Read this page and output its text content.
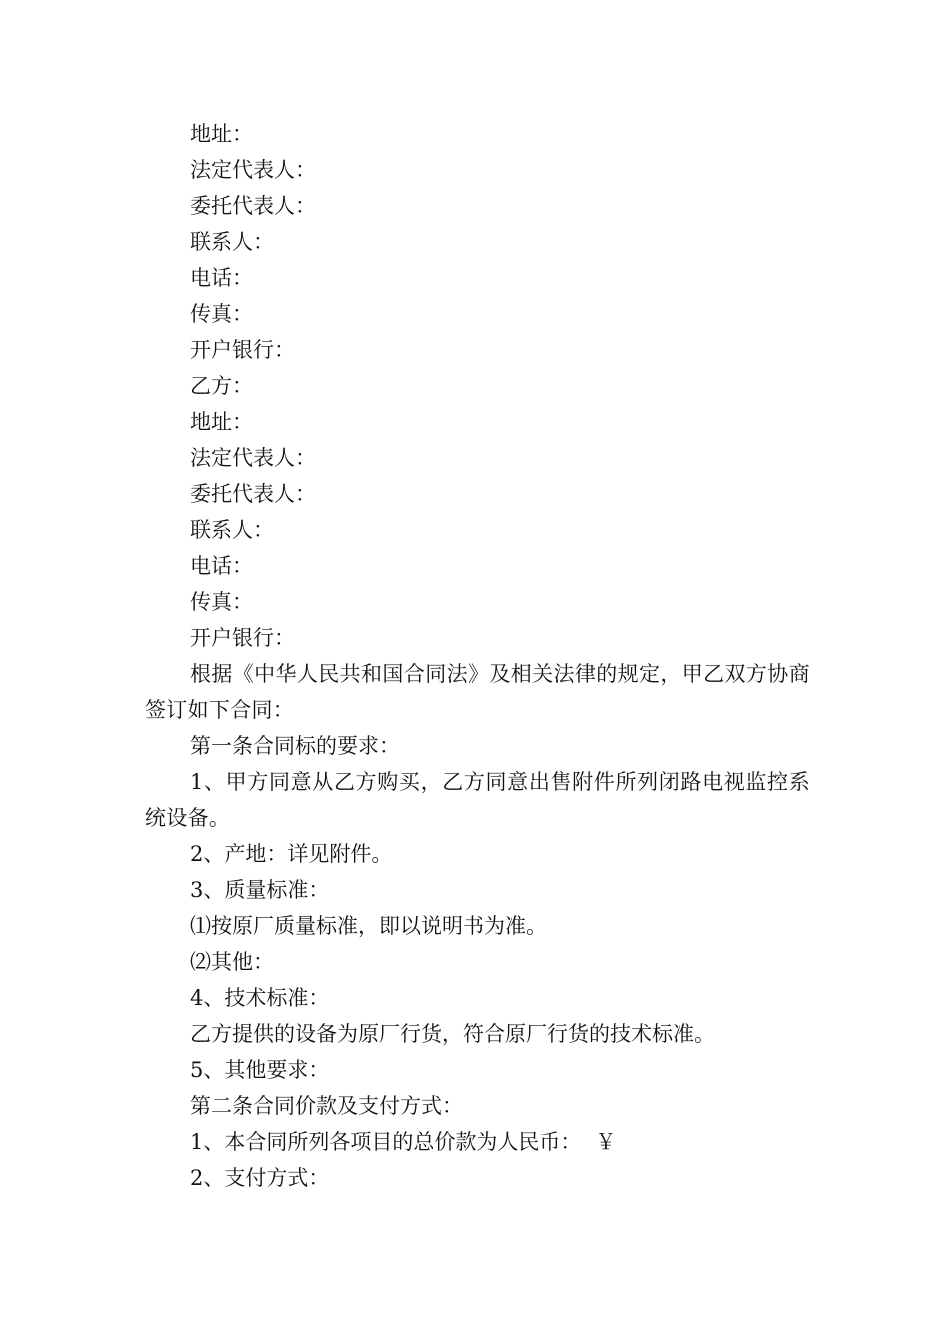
地址：

法定代表人：

委托代表人：

联系人：

电话：

传真：

开户银行：

乙方：

地址：

法定代表人：

委托代表人：

联系人：

电话：

传真：

开户银行：

根据《中华人民共和国合同法》及相关法律的规定，甲乙双方协商签订如下合同：

第一条合同标的要求：

1、甲方同意从乙方购买，乙方同意出售附件所列闭路电视监控系统设备。

2、产地：详见附件。

3、质量标准：

⑴按原厂质量标准，即以说明书为准。

⑵其他：

4、技术标准：

乙方提供的设备为原厂行货，符合原厂行货的技术标准。

5、其他要求：

第二条合同价款及支付方式：

1、本合同所列各项目的总价款为人民币： ￥

2、支付方式：
